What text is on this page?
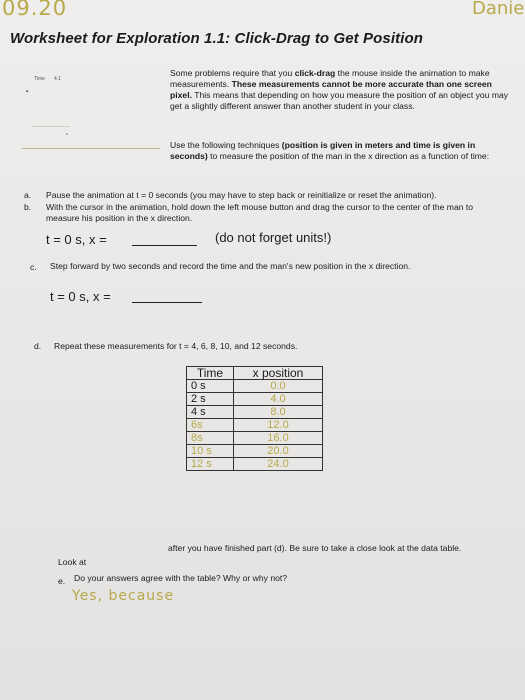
09.20	Danie
Worksheet for Exploration 1.1: Click-Drag to Get Position
Time 4.1
✦
•
Some problems require that you click-drag the mouse inside the animation to make measurements. These measurements cannot be more accurate than one screen pixel. This means that depending on how you measure the position of an object you may get a slightly different answer than another student in your class.
Use the following techniques (position is given in meters and time is given in seconds) to measure the position of the man in the x direction as a function of time:
a. Pause the animation at t = 0 seconds (you may have to step back or reinitialize or reset the animation).
b. With the cursor in the animation, hold down the left mouse button and drag the cursor to the center of the man to measure his position in the x direction.
t = 0 s, x =	(do not forget units!)
c. Step forward by two seconds and record the time and the man's new position in the x direction.
t = 0 s, x =
d. Repeat these measurements for t = 4, 6, 8, 10, and 12 seconds.
Time	x position
0 s	0.0
2 s	4.0
4 s	8.0
6s	12.0
8s	16.0
10 s	20.0
12 s	24.0
Look at
after you have finished part (d). Be sure to take a close look at the data table.
e. Do your answers agree with the table? Why or why not?
Yes, because
